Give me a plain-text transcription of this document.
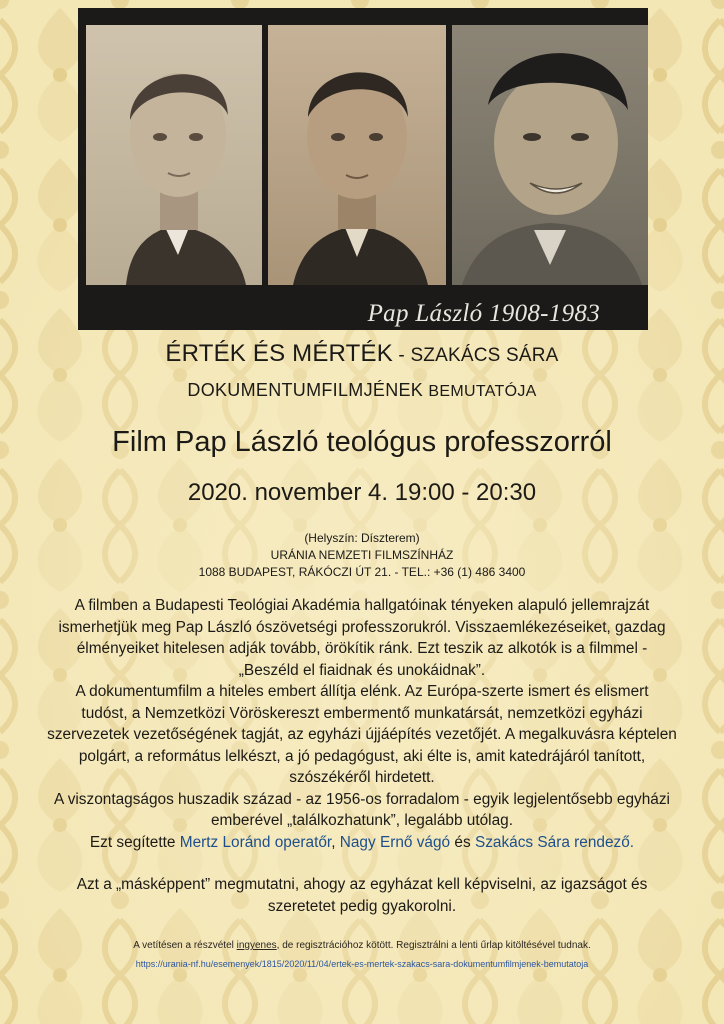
Pap László 1908-1983
ÉRTÉK ÉS MÉRTÉK - SZAKÁCS SÁRA
DOKUMENTUMFILMJÉNEK BEMUTATÓJA
Film Pap László teológus professzorról
2020. november 4. 19:00 - 20:30
(Helyszín: Díszterem)
URÁNIA NEMZETI FILMSZÍNHÁZ
1088 BUDAPEST, RÁKÓCZI ÚT 21. - TEL.: +36 (1) 486 3400

A filmben a Budapesti Teológiai Akadémia hallgatóinak tényeken alapuló jellemrajzát

ismerhetjük meg Pap László ószövetségi professzorukról. Visszaemlékezéseiket, gazdag

élményeiket hitelesen adják tovább, örökítik ránk. Ezt teszik az alkotók is a filmmel -

„Beszéld el fiaidnak és unokáidnak”.

A dokumentumfilm a hiteles embert állítja elénk. Az Európa-szerte ismert és elismert

tudóst, a Nemzetközi Vöröskereszt embermentő munkatársát, nemzetközi egyházi

szervezetek vezetőségének tagját, az egyházi újjáépítés vezetőjét. A megalkuvásra képtelen

polgárt, a református lelkészt, a jó pedagógust, aki élte is, amit katedrájáról tanított,

szószékéről hirdetett.

A viszontagságos huszadik század - az 1956-os forradalom - egyik legjelentősebb egyházi

emberével „találkozhatunk”, legalább utólag.

Ezt segítette Mertz Loránd operatőr, Nagy Ernő vágó és Szakács Sára rendező.

Azt a „másképpent” megmutatni, ahogy az egyházat kell képviselni, az igazságot és

szeretetet pedig gyakorolni.

A vetítésen a részvétel ingyenes, de regisztrációhoz kötött. Regisztrálni a lenti űrlap kitöltésével tudnak.
https://urania-nf.hu/esemenyek/1815/2020/11/04/ertek-es-mertek-szakacs-sara-dokumentumfilmjenek-bemutatoja
